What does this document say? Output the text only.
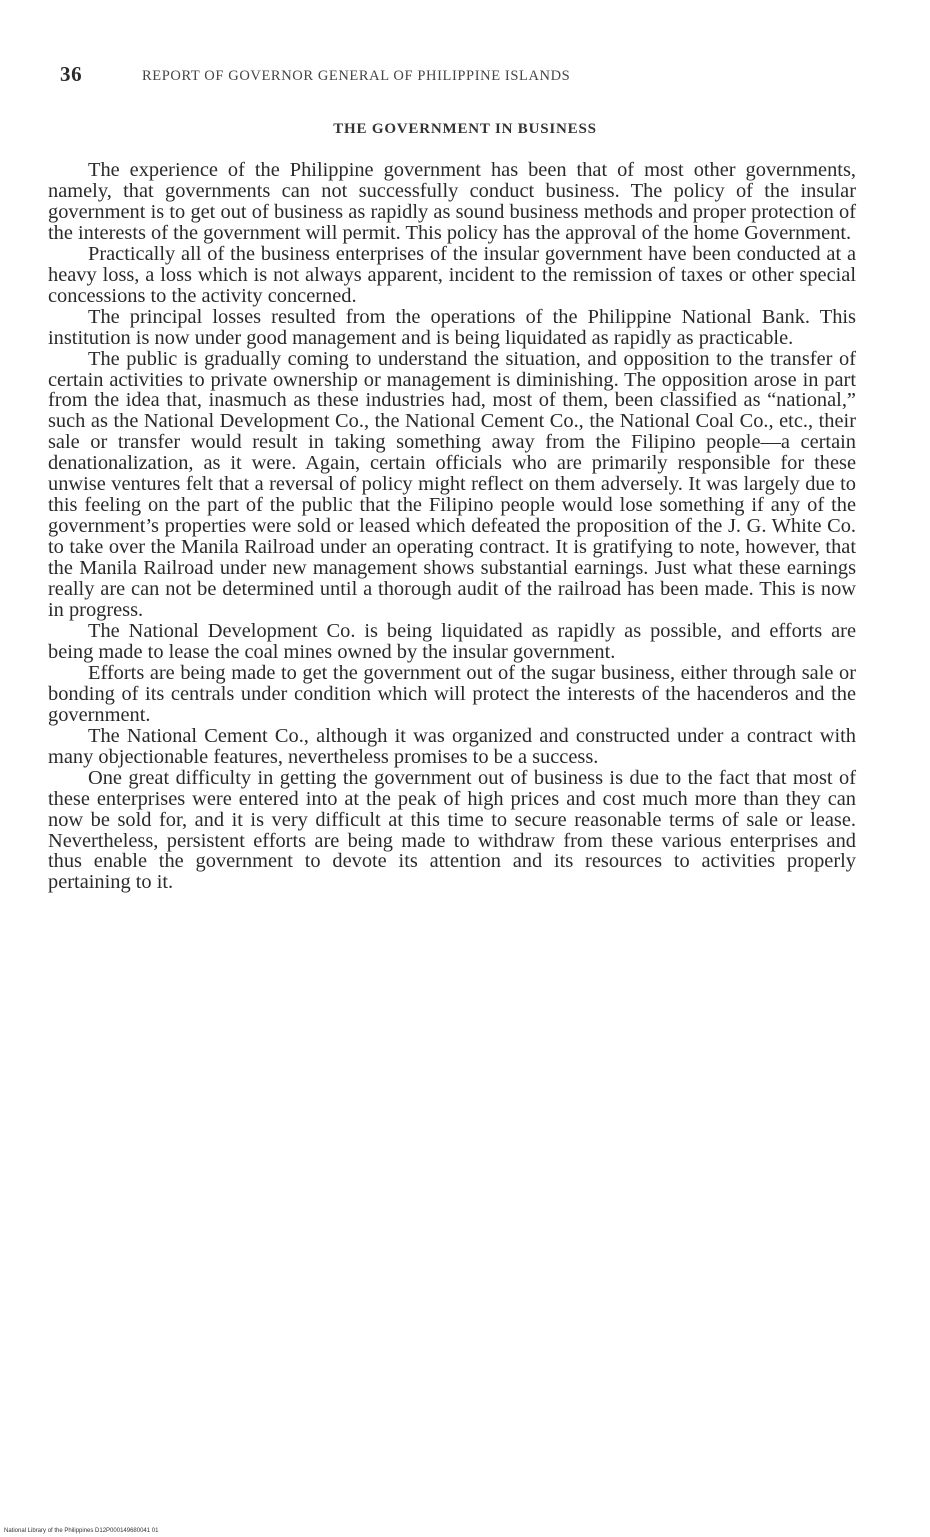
36	REPORT OF GOVERNOR GENERAL OF PHILIPPINE ISLANDS
THE GOVERNMENT IN BUSINESS

The experience of the Philippine government has been that of most other governments, namely, that governments can not successfully conduct business. The policy of the insular government is to get out of business as rapidly as sound business methods and proper protection of the interests of the government will permit. This policy has the approval of the home Government.

Practically all of the business enterprises of the insular government have been conducted at a heavy loss, a loss which is not always apparent, incident to the remission of taxes or other special concessions to the activity concerned.

The principal losses resulted from the operations of the Philippine National Bank. This institution is now under good management and is being liquidated as rapidly as practicable.

The public is gradually coming to understand the situation, and opposition to the transfer of certain activities to private ownership or management is diminishing. The opposition arose in part from the idea that, inasmuch as these industries had, most of them, been classified as “national,” such as the National Development Co., the National Cement Co., the National Coal Co., etc., their sale or transfer would result in taking something away from the Filipino people—a certain denationalization, as it were. Again, certain officials who are primarily responsible for these unwise ventures felt that a reversal of policy might reflect on them adversely. It was largely due to this feeling on the part of the public that the Filipino people would lose something if any of the government’s properties were sold or leased which defeated the proposition of the J. G. White Co. to take over the Manila Railroad under an operating contract. It is gratifying to note, however, that the Manila Railroad under new management shows substantial earnings. Just what these earnings really are can not be determined until a thorough audit of the railroad has been made. This is now in progress.

The National Development Co. is being liquidated as rapidly as possible, and efforts are being made to lease the coal mines owned by the insular government.

Efforts are being made to get the government out of the sugar business, either through sale or bonding of its centrals under condition which will protect the interests of the hacenderos and the government.

The National Cement Co., although it was organized and constructed under a contract with many objectionable features, nevertheless promises to be a success.

One great difficulty in getting the government out of business is due to the fact that most of these enterprises were entered into at the peak of high prices and cost much more than they can now be sold for, and it is very difficult at this time to secure reasonable terms of sale or lease. Nevertheless, persistent efforts are being made to withdraw from these various enterprises and thus enable the government to devote its attention and its resources to activities properly pertaining to it.

National Library of the Philippines D12P000149680041 01
